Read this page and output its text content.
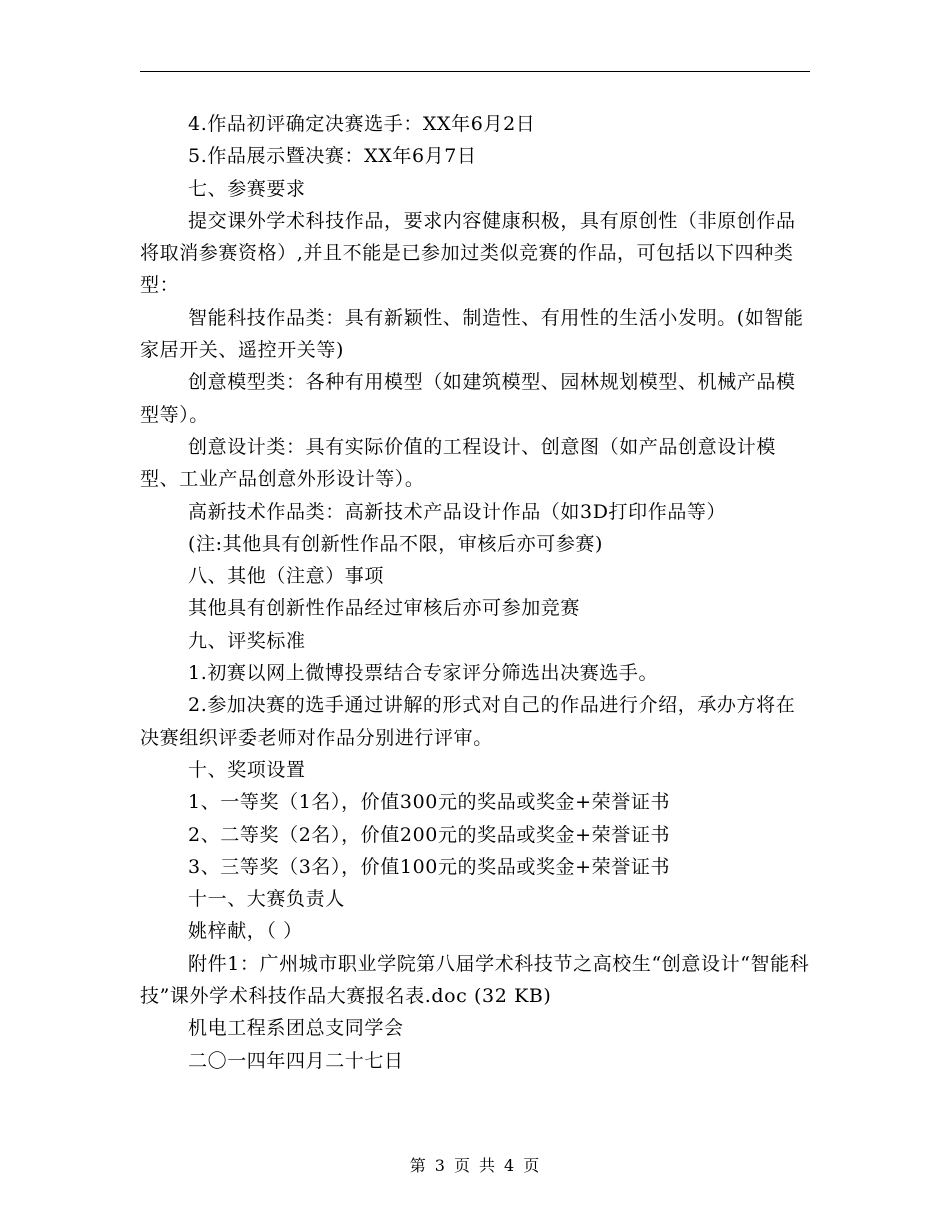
4.作品初评确定决赛选手：XX年6月2日

5.作品展示暨决赛：XX年6月7日

七、参赛要求

提交课外学术科技作品，要求内容健康积极，具有原创性（非原创作品将取消参赛资格）,并且不能是已参加过类似竞赛的作品，可包括以下四种类型：

智能科技作品类：具有新颖性、制造性、有用性的生活小发明。(如智能家居开关、遥控开关等)

创意模型类：各种有用模型（如建筑模型、园林规划模型、机械产品模型等）。

创意设计类：具有实际价值的工程设计、创意图（如产品创意设计模型、工业产品创意外形设计等）。

高新技术作品类：高新技术产品设计作品（如3D打印作品等）

(注:其他具有创新性作品不限，审核后亦可参赛)

八、其他（注意）事项

其他具有创新性作品经过审核后亦可参加竞赛

九、评奖标准

1.初赛以网上微博投票结合专家评分筛选出决赛选手。

2.参加决赛的选手通过讲解的形式对自己的作品进行介绍，承办方将在决赛组织评委老师对作品分别进行评审。

十、奖项设置

1、一等奖（1名），价值300元的奖品或奖金+荣誉证书

2、二等奖（2名），价值200元的奖品或奖金+荣誉证书

3、三等奖（3名），价值100元的奖品或奖金+荣誉证书

十一、大赛负责人

姚梓献，（ ）

附件1：广州城市职业学院第八届学术科技节之高校生“创意设计“智能科技”课外学术科技作品大赛报名表.doc (32 KB)

机电工程系团总支同学会

二〇一四年四月二十七日

第 3 页 共 4 页
